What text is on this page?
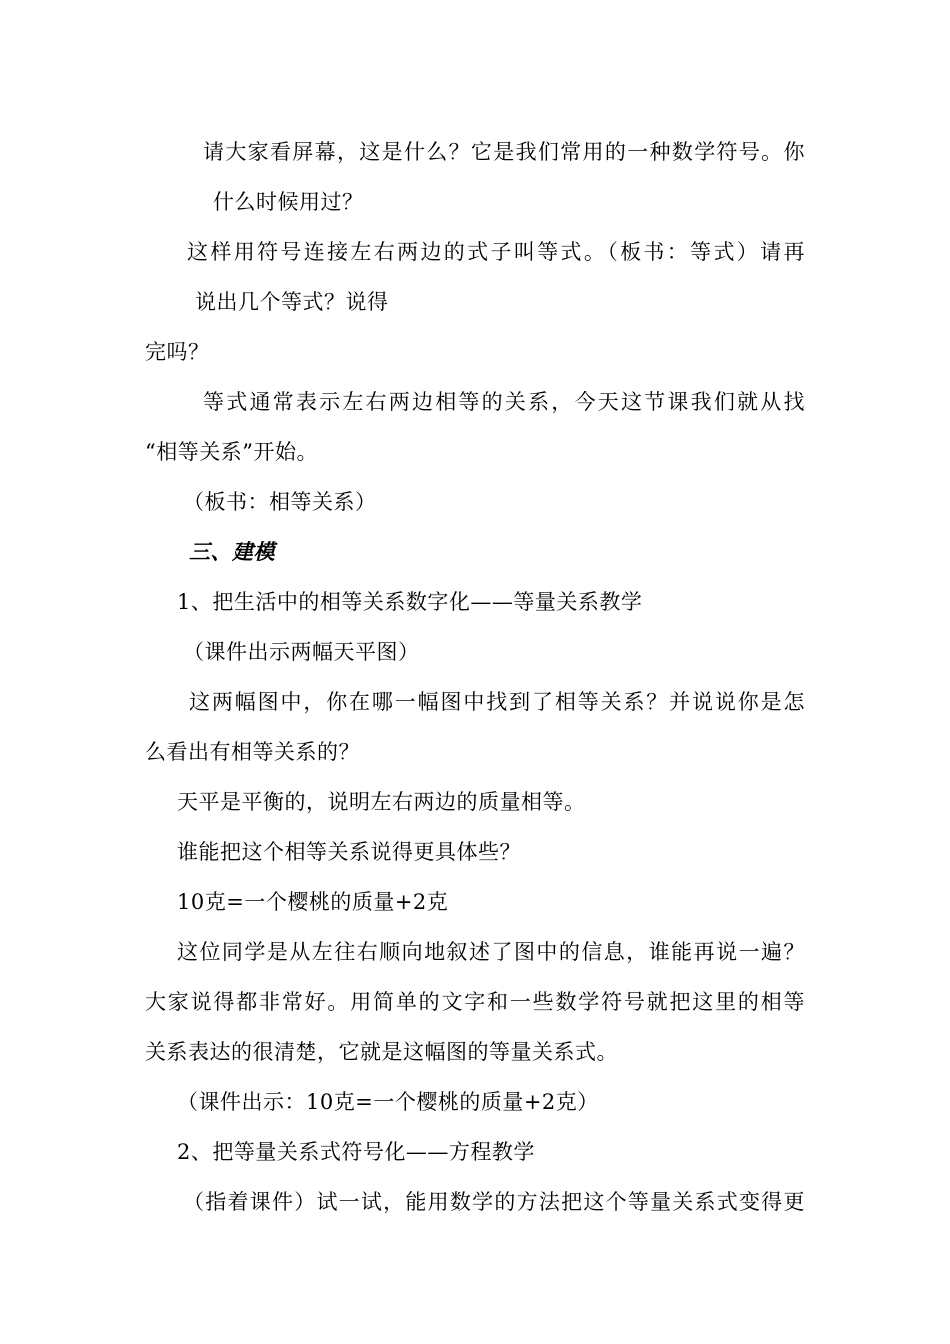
请大家看屏幕，这是什么？它是我们常用的一种数学符号。你
什么时候用过？
这样用符号连接左右两边的式子叫等式。（板书：等式）请再
说出几个等式？说得
完吗？
等式通常表示左右两边相等的关系，今天这节课我们就从找
“相等关系”开始。
（板书：相等关系）
三、建模
1、把生活中的相等关系数字化——等量关系教学
（课件出示两幅天平图）
这两幅图中，你在哪一幅图中找到了相等关系？并说说你是怎
么看出有相等关系的？
天平是平衡的，说明左右两边的质量相等。
谁能把这个相等关系说得更具体些？
10克=一个樱桃的质量+2克
这位同学是从左往右顺向地叙述了图中的信息，谁能再说一遍？
大家说得都非常好。用简单的文字和一些数学符号就把这里的相等
关系表达的很清楚，它就是这幅图的等量关系式。
（课件出示：10克=一个樱桃的质量+2克）
2、把等量关系式符号化——方程教学
（指着课件）试一试，能用数学的方法把这个等量关系式变得更
